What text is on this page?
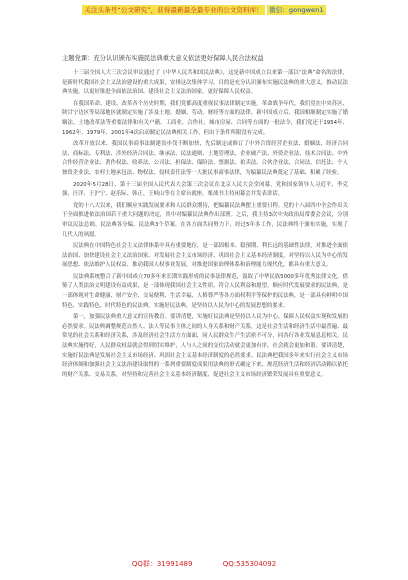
关注头条号“公文研究”，获得最新最全最专业的公文资料库！ 微信：gongwen1
主题党课：充分认识颁布实施民法典重大意义依法更好保障人民合法权益

十三届全国人大三次会议审议通过了《中华人民共和国民法典》，这是新中国成立以来第一部以“法典”命名的法律，是新时代我国社会主义法治建设的重大成果，安排这次集体学习，目的是充分认识颁布实施民法典的重大意义，推动民法典实施，以更好推进全面依法治国、建设社会主义法治国家，更好保障人民权益。

在我国革命、建设、改革各个历史时期，我们党都高度重视民事法律制定实施。革命战争年代，我们党在中央苏区、陕甘宁边区等局部地区就制定实施了涉及土地、婚姻、劳动、财经等方面的法律。新中国成立后，我国相继制定实施了婚姻法、土地改革法等重要法律和有关户籍、工商业、合作社、城市房屋、合同等方面的一批法令，我们党还于1954年、1962年、1979年、2001年4次启动制定民法典相关工作，但由于条件所限没有完成。

改革开放以来，我国民事商事法制建设步伐不断加快，先后制定或修订了中外合资经营企业法、婚姻法、经济合同法、商标法、专利法、涉外经济合同法、继承法、民法通则、土地管理法、企业破产法、外资企业法、技术合同法、中外合作经营企业法、著作权法、收养法、公司法、担保法、保险法、票据法、拍卖法、合伙企业法、合同法、信托法、个人独资企业法、农村土地承包法、物权法、侵权责任法等一大批民事商事法律，为编纂民法典奠定了基础、积累了经验。

2020年5月28日，第十三届全国人民代表大会第三次会议在北京人民大会堂闭幕，党和国家领导人习近平、李克强、汪洋、王沪宁、赵乐际、韩正、王岐山等在主席台就座。栗战书主持闭幕会并发表讲话。

党的十八大以来，我们顺应实践发展要求和人民群众期待，把编纂民法典摆上重要日程。党的十八届四中全会作出关于全面推进依法治国若干重大问题的决定，其中对编纂民法典作出部署。之后，我主持3次中央政治局常委会会议，分别审议民法总则、民法典各分编、民法典3个草案。在各方面共同努力下，经过5年多工作，民法典终于颁布实施，实现了几代人的夙愿。

民法典在中国特色社会主义法律体系中具有重要地位，是一部固根本、稳预期、利长远的基础性法律，对推进全面依法治国、加快建设社会主义法治国家，对发展社会主义市场经济、巩固社会主义基本经济制度，对坚持以人民为中心的发展思想、依法维护人民权益、推动我国人权事业发展，对推进国家治理体系和治理能力现代化，都具有重大意义。

民法典系统整合了新中国成立70多年来长期实践形成的民事法律规范，汲取了中华民族5000多年优秀法律文化，借鉴了人类法治文明建设有益成果，是一部体现我国社会主义性质、符合人民利益和愿望、顺应时代发展要求的民法典，是一部体现对生命健康、财产安全、交易便利、生活幸福、人格尊严等各方面权利平等保护的民法典，是一部具有鲜明中国特色、实践特色、时代特色的民法典。实施好民法典，是坚持以人民为中心的发展思想的要求。

第一，加强民法典重大意义的宣传教育。要讲清楚，实施好民法典是坚持以人民为中心、保障人民权益实现和发展的必然要求。民法典调整规范自然人、法人等民事主体之间的人身关系和财产关系，这是社会生活和经济生活中最普遍、最常见的社会关系和经济关系，涉及经济社会生活方方面面，同人民群众生产生活密不可分，同各行各业发展息息相关。民法典实施得好，人民群众权益就会得到切实维护，人与人之间的交往活动就会更加有序，社会就会更加和谐。要讲清楚，实施好民法典是发展社会主义市场经济、巩固社会主义基本经济制度的必然要求。民法典把我国多年来实行社会主义市场经济体制和加强社会主义法治建设取得的一系列重要制度成果用法典的形式确定下来，规范经济生活和经济活动赖以依托的财产关系、交易关系，对坚持和完善社会主义基本经济制度、促进社会主义市场经济繁荣发展具有重要意义。

QQ群：31991489	QQ:535304092
